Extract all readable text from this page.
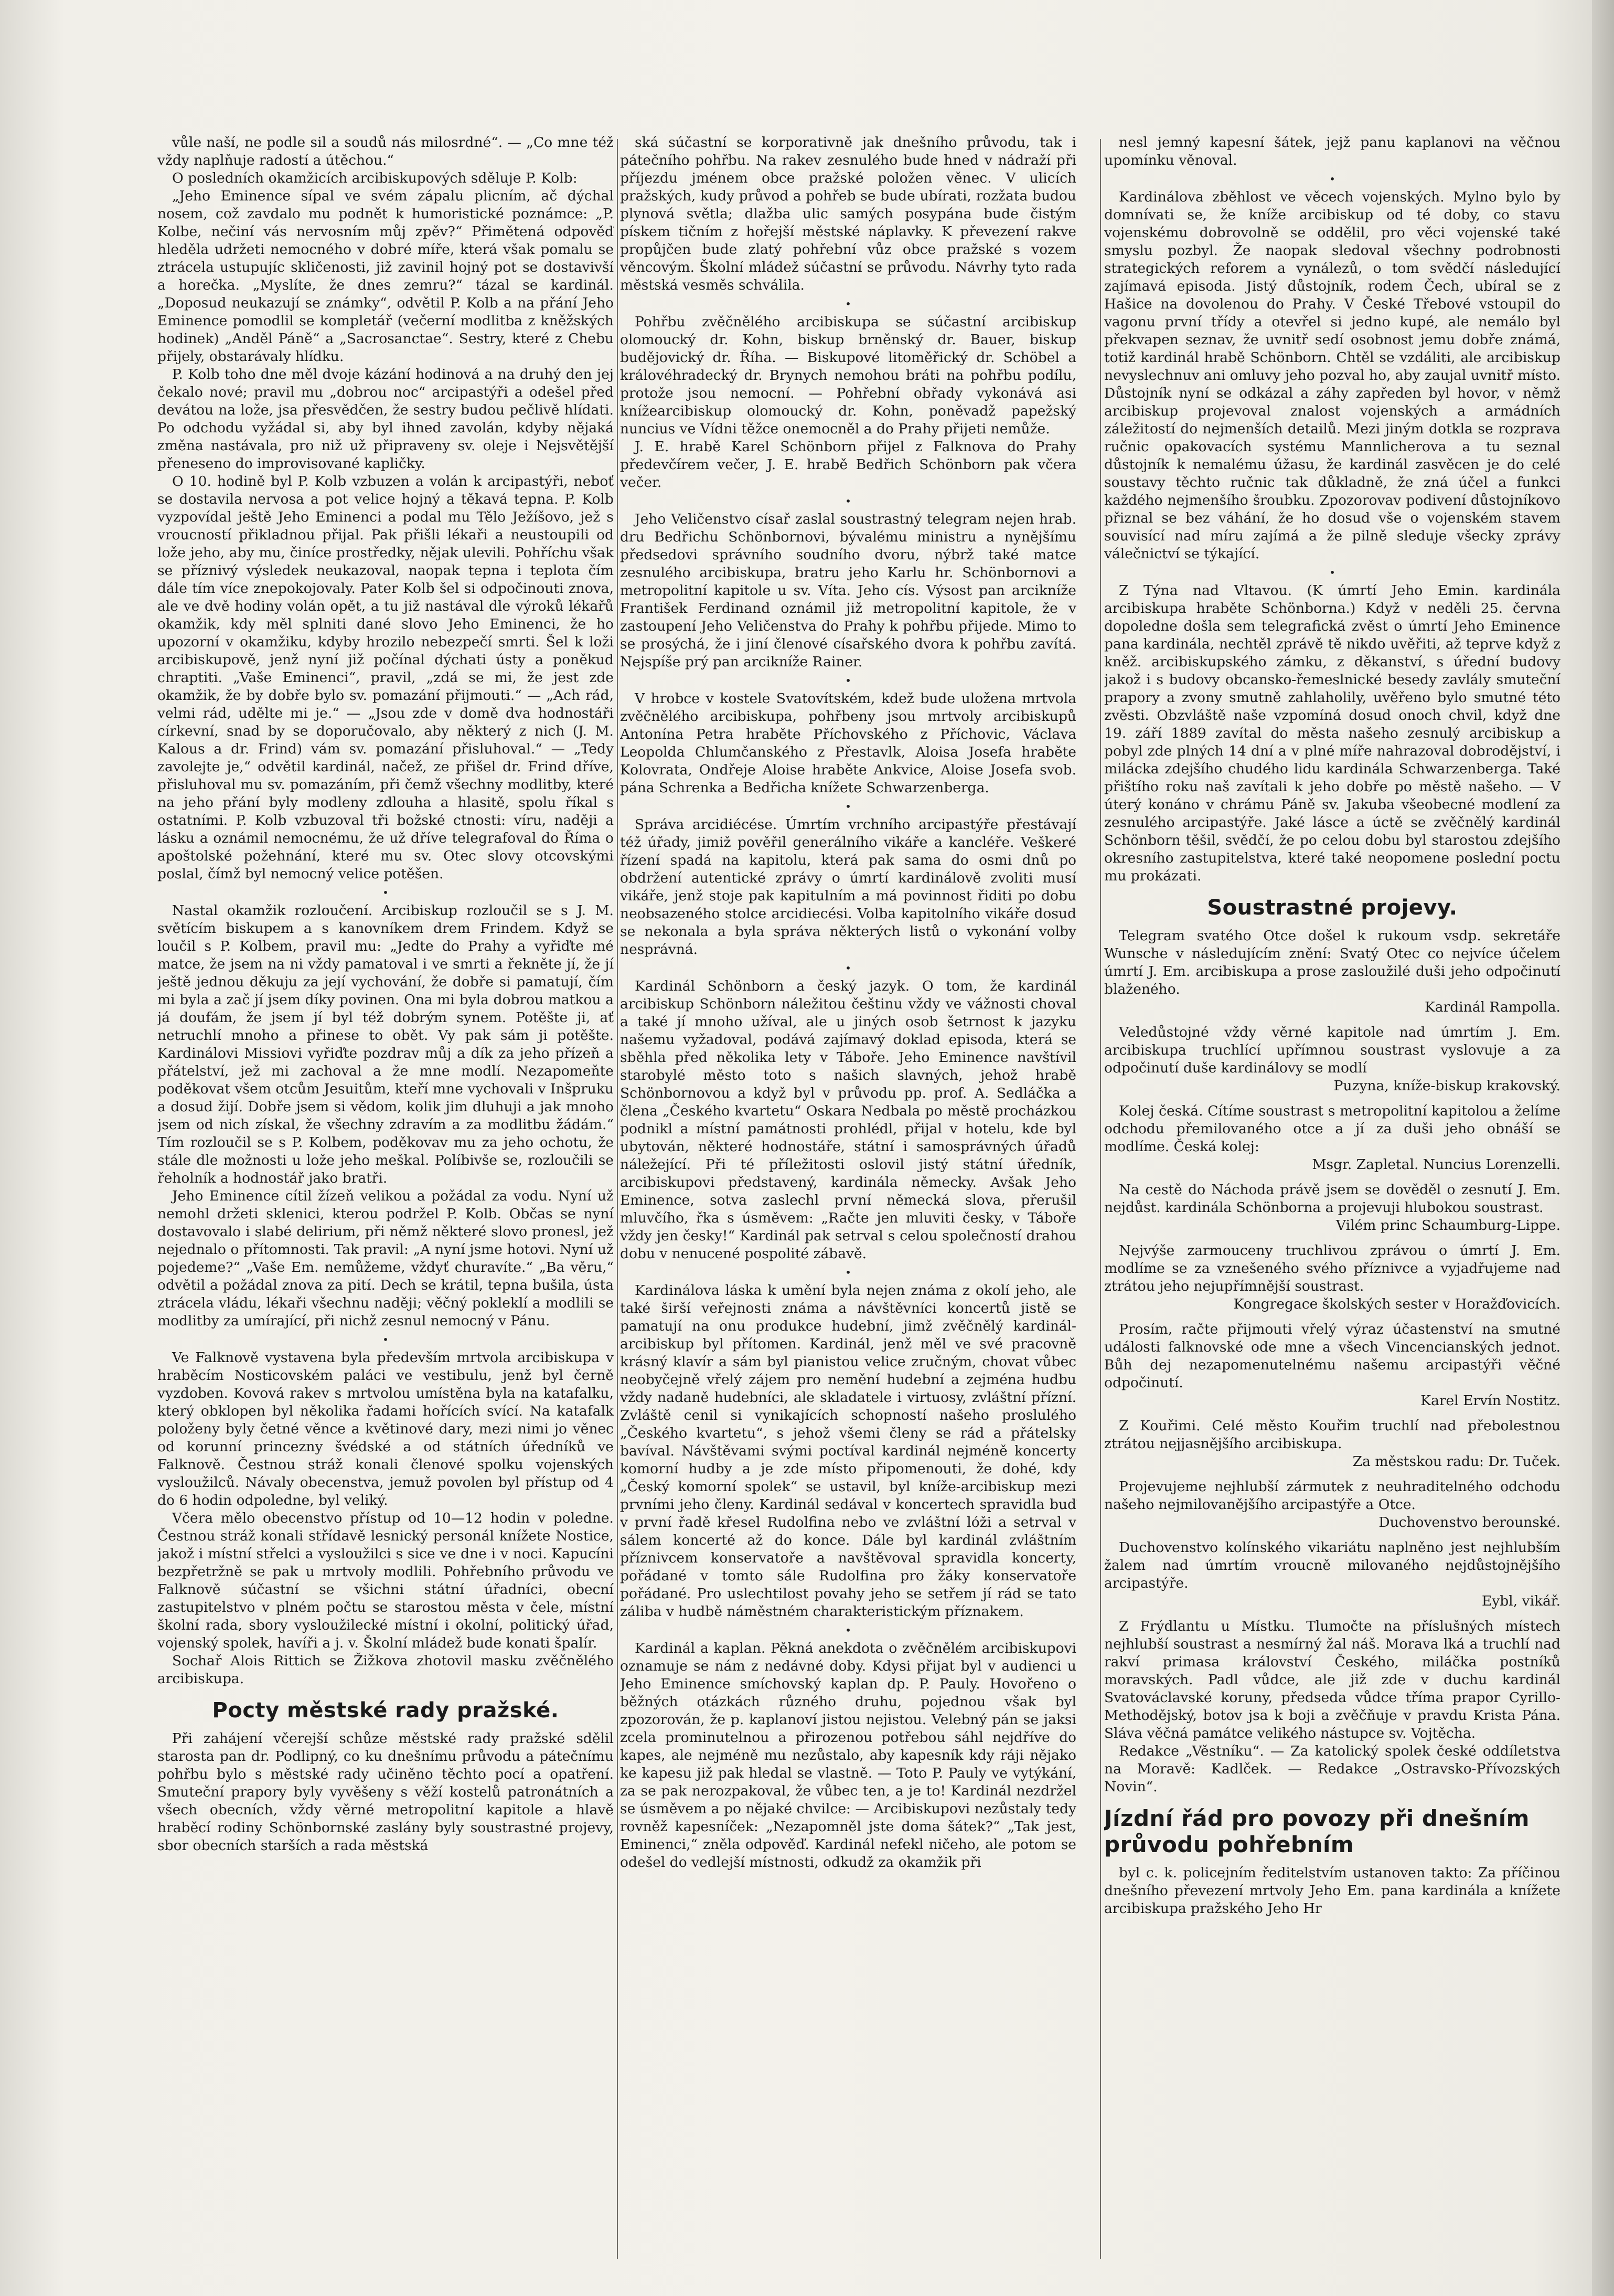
vůle naší, ne podle sil a soudů nás milosrdné“. — „Co mne též vždy naplňuje radostí a útěchou.“

O posledních okamžicích arcibiskupových sděluje P. Kolb:

„Jeho Eminence sípal ve svém zápalu plicním, ač dýchal nosem, což zavdalo mu podnět k humoristické poznámce: „P. Kolbe, nečiní vás nervosním můj zpěv?“ Přimětená odpověď hleděla udržeti nemocného v dobré míře, která však pomalu se ztrácela ustupujíc skličenosti, již zavinil hojný pot se dostavivší a horečka. „Myslíte, že dnes zemru?“ tázal se kardinál. „Doposud neukazují se známky“, odvětil P. Kolb a na přání Jeho Eminence pomodlil se kompletář (večerní modlitba z kněžských hodinek) „Anděl Páně“ a „Sacrosanctae“. Sestry, které z Chebu přijely, obstarávaly hlídku.

P. Kolb toho dne měl dvoje kázání hodinová a na druhý den jej čekalo nové; pravil mu „dobrou noc“ arcipastýři a odešel před devátou na lože, jsa přesvědčen, že sestry budou pečlivě hlídati. Po odchodu vyžádal si, aby byl ihned zavolán, kdyby nějaká změna nastávala, pro niž už připraveny sv. oleje i Nejsvětější přeneseno do improvisované kapličky.

O 10. hodině byl P. Kolb vzbuzen a volán k arcipastýři, neboť se dostavila nervosa a pot velice hojný a těkavá tepna. P. Kolb vyzpovídal ještě Jeho Eminenci a podal mu Tělo Ježíšovo, jež s vroucností přikladnou přijal. Pak přišli lékaři a neustoupili od lože jeho, aby mu, činíce prostředky, nějak ulevili. Pohříchu však se příznivý výsledek neukazoval, naopak tepna i teplota čím dále tím více znepokojovaly. Pater Kolb šel si odpočinouti znova, ale ve dvě hodiny volán opět, a tu již nastával dle výroků lékařů okamžik, kdy měl splniti dané slovo Jeho Eminenci, že ho upozorní v okamžiku, kdyby hrozilo nebezpečí smrti. Šel k loži arcibiskupově, jenž nyní již počínal dýchati ústy a poněkud chraptiti. „Vaše Eminenci“, pravil, „zdá se mi, že jest zde okamžik, že by dobře bylo sv. pomazání přijmouti.“ — „Ach rád, velmi rád, udělte mi je.“ — „Jsou zde v domě dva hodnostáři církevní, snad by se doporučovalo, aby některý z nich (J. M. Kalous a dr. Frind) vám sv. pomazání přisluhoval.“ — „Tedy zavolejte je,“ odvětil kardinál, načež, ze přišel dr. Frind dříve, přisluhoval mu sv. pomazáním, při čemž všechny modlitby, které na jeho přání byly modleny zdlouha a hlasitě, spolu říkal s ostatními. P. Kolb vzbuzoval tři božské ctnosti: víru, naději a lásku a oznámil nemocnému, že už dříve telegrafoval do Říma o apoštolské požehnání, které mu sv. Otec slovy otcovskými poslal, čímž byl nemocný velice potěšen.

•

Nastal okamžik rozloučení. Arcibiskup rozloučil se s J. M. světícím biskupem a s kanovníkem drem Frindem. Když se loučil s P. Kolbem, pravil mu: „Jedte do Prahy a vyřiďte mé matce, že jsem na ni vždy pamatoval i ve smrti a řekněte jí, že jí ještě jednou děkuju za její vychování, že dobře si pamatují, čím mi byla a zač jí jsem díky povinen. Ona mi byla dobrou matkou a já doufám, že jsem jí byl též dobrým synem. Potěšte ji, ať netruchlí mnoho a přinese to obět. Vy pak sám ji potěšte. Kardinálovi Missiovi vyřiďte pozdrav můj a dík za jeho přízeň a přátelství, jež mi zachoval a že mne modlí. Nezapomeňte poděkovat všem otcům Jesuitům, kteří mne vychovali v Inšpruku a dosud žijí. Dobře jsem si vědom, kolik jim dluhuji a jak mnoho jsem od nich získal, že všechny zdravím a za modlitbu žádám.“ Tím rozloučil se s P. Kolbem, poděkovav mu za jeho ochotu, že stále dle možnosti u lože jeho meškal. Políbivše se, rozloučili se řeholník a hodnostář jako bratři.

Jeho Eminence cítil žízeň velikou a požádal za vodu. Nyní už nemohl držeti sklenici, kterou podržel P. Kolb. Občas se nyní dostavovalo i slabé delirium, při němž některé slovo pronesl, jež nejednalo o přítomnosti. Tak pravil: „A nyní jsme hotovi. Nyní už pojedeme?“ „Vaše Em. nemůžeme, vždyť churavíte.“ „Ba věru,“ odvětil a požádal znova za pití. Dech se krátil, tepna bušila, ústa ztrácela vládu, lékaři všechnu naději; věčný pokleklí a modlili se modlitby za umírající, při nichž zesnul nemocný v Pánu.

•

Ve Falknově vystavena byla především mrtvola arcibiskupa v hraběcím Nosticovském paláci ve vestibulu, jenž byl černě vyzdoben. Kovová rakev s mrtvolou umístěna byla na katafalku, který obklopen byl několika řadami hořících svící. Na katafalk položeny byly četné věnce a květinové dary, mezi nimi jo věnec od korunní princezny švédské a od státních úředníků ve Falknově. Čestnou stráž konali členové spolku vojenských vysloužilců. Návaly obecenstva, jemuž povolen byl přístup od 4 do 6 hodin odpoledne, byl veliký.

Včera mělo obecenstvo přístup od 10—12 hodin v poledne. Čestnou stráž konali střídavě lesnický personál knížete Nostice, jakož i místní střelci a vysloužilci s sice ve dne i v noci. Kapucíni bezpřetržně se pak u mrtvoly modlili. Pohřebního průvodu ve Falknově súčastní se všichni státní úřadníci, obecní zastupitelstvo v plném počtu se starostou města v čele, místní školní rada, sbory vysloužilecké místní i okolní, politický úřad, vojenský spolek, havíři a j. v. Školní mládež bude konati špalír.

Sochař Alois Rittich se Žižkova zhotovil masku zvěčnělého arcibiskupa.

Pocty městské rady pražské.

Při zahájení včerejší schůze městské rady pražské sdělil starosta pan dr. Podlipný, co ku dnešnímu průvodu a pátečnímu pohřbu bylo s městské rady učiněno těchto pocí a opatření. Smuteční prapory byly vyvěšeny s věží kostelů patronátních a všech obecních, vždy věrné metropolitní kapitole a hlavě hraběcí rodiny Schönbornské zaslány byly soustrastné projevy, sbor obecních starších a rada městská

ská súčastní se korporativně jak dnešního průvodu, tak i pátečního pohřbu. Na rakev zesnulého bude hned v nádraží při příjezdu jménem obce pražské položen věnec. V ulicích pražských, kudy průvod a pohřeb se bude ubírati, rozžata budou plynová světla; dlažba ulic samých posypána bude čistým pískem tičním z hořejší městské náplavky. K převezení rakve propůjčen bude zlatý pohřební vůz obce pražské s vozem věncovým. Školní mládež súčastní se průvodu. Návrhy tyto rada městská vesměs schválila.

•

Pohřbu zvěčnělého arcibiskupa se súčastní arcibiskup olomoucký dr. Kohn, biskup brněnský dr. Bauer, biskup budějovický dr. Říha. — Biskupové litoměřický dr. Schöbel a královéhradecký dr. Brynych nemohou bráti na pohřbu podílu, protože jsou nemocní. — Pohřební obřady vykonává asi knížearcibiskup olomoucký dr. Kohn, poněvadž papežský nuncius ve Vídni těžce onemocněl a do Prahy přijeti nemůže.

J. E. hrabě Karel Schönborn přijel z Falknova do Prahy předevčírem večer, J. E. hrabě Bedřich Schönborn pak včera večer.

•

Jeho Veličenstvo císař zaslal soustrastný telegram nejen hrab. dru Bedřichu Schönbornovi, bývalému ministru a nynějšímu předsedovi správního soudního dvoru, nýbrž také matce zesnulého arcibiskupa, bratru jeho Karlu hr. Schönbornovi a metropolitní kapitole u sv. Víta. Jeho cís. Výsost pan arcikníže František Ferdinand oznámil již metropolitní kapitole, že v zastoupení Jeho Veličenstva do Prahy k pohřbu přijede. Mimo to se prosýchá, že i jiní členové císařského dvora k pohřbu zavítá. Nejspíše prý pan arcikníže Rainer.

•

V hrobce v kostele Svatovítském, kdež bude uložena mrtvola zvěčnělého arcibiskupa, pohřbeny jsou mrtvoly arcibiskupů Antonína Petra hraběte Příchovského z Příchovic, Václava Leopolda Chlumčanského z Přestavlk, Aloisa Josefa hraběte Kolovrata, Ondřeje Aloise hraběte Ankvice, Aloise Josefa svob. pána Schrenka a Bedřicha knížete Schwarzenberga.

•

Správa arcidiécése. Úmrtím vrchního arcipastýře přestávají též úřady, jimiž pověřil generálního vikáře a kancléře. Veškeré řízení spadá na kapitolu, která pak sama do osmi dnů po obdržení autentické zprávy o úmrtí kardinálově zvoliti musí vikáře, jenž stoje pak kapitulním a má povinnost řiditi po dobu neobsazeného stolce arcidiecési. Volba kapitolního vikáře dosud se nekonala a byla správa některých listů o vykonání volby nesprávná.

•

Kardinál Schönborn a český jazyk. O tom, že kardinál arcibiskup Schönborn náležitou češtinu vždy ve vážnosti choval a také jí mnoho užíval, ale u jiných osob šetrnost k jazyku našemu vyžadoval, podává zajímavý doklad episoda, která se sběhla před několika lety v Táboře. Jeho Eminence navštívil starobylé město toto s našich slavných, jehož hrabě Schönbornovou a když byl v průvodu pp. prof. A. Sedláčka a člena „Českého kvartetu“ Oskara Nedbala po městě procházkou podnikl a místní památnosti prohlédl, přijal v hotelu, kde byl ubytován, některé hodnostáře, státní i samosprávných úřadů náležející. Při té příležitosti oslovil jistý státní úředník, arcibiskupovi představený, kardinála německy. Avšak Jeho Eminence, sotva zaslechl první německá slova, přerušil mluvčího, řka s úsměvem: „Račte jen mluviti česky, v Táboře vždy jen česky!“ Kardinál pak setrval s celou společností drahou dobu v nenucené pospolité zábavě.

•

Kardinálova láska k umění byla nejen známa z okolí jeho, ale také širší veřejnosti známa a návštěvníci koncertů jistě se pamatují na onu produkce hudební, jimž zvěčnělý kardinál-arcibiskup byl přítomen. Kardinál, jenž měl ve své pracovně krásný klavír a sám byl pianistou velice zručným, chovat vůbec neobyčejně vřelý zájem pro nemění hudební a zejména hudbu vždy nadaně hudebníci, ale skladatele i virtuosy, zvláštní přízní. Zvláště cenil si vynikajících schopností našeho proslulého „Českého kvartetu“, s jehož všemi členy se rád a přátelsky bavíval. Návštěvami svými poctíval kardinál nejméně koncerty komorní hudby a je zde místo připomenouti, že dohé, kdy „Český komorní spolek“ se ustavil, byl kníže-arcibiskup mezi prvními jeho členy. Kardinál sedával v koncertech spravidla buď v první řadě křesel Rudolfina nebo ve zvláštní lóži a setrval v sálem koncerté až do konce. Dále byl kardinál zvláštním příznivcem konservatoře a navštěvoval spravidla koncerty, pořádané v tomto sále Rudolfina pro žáky konservatoře pořádané. Pro uslechtilost povahy jeho se setřem jí rád se tato záliba v hudbě náměstném charakteristickým příznakem.

•

Kardinál a kaplan. Pěkná anekdota o zvěčnělém arcibiskupovi oznamuje se nám z nedávné doby. Kdysi přijat byl v audienci u Jeho Eminence smíchovský kaplan dp. P. Pauly. Hovořeno o běžných otázkách různého druhu, pojednou však byl zpozorován, že p. kaplanoví jistou nejistou. Velebný pán se jaksi zcela prominutelnou a přirozenou potřebou sáhl nejdříve do kapes, ale nejméně mu nezůstalo, aby kapesník kdy ráji nějako ke kapesu již pak hledal se vlastně. — Toto P. Pauly ve vytýkání, za se pak nerozpakoval, že vůbec ten, a je to! Kardinál nezdržel se úsměvem a po nějaké chvilce: — Arcibiskupovi nezůstaly tedy rovněž kapesníček: „Nezapomněl jste doma šátek?“ „Tak jest, Eminenci,“ zněla odpověď. Kardinál nefekl ničeho, ale potom se odešel do vedlejší místnosti, odkudž za okamžik při

nesl jemný kapesní šátek, jejž panu kaplanovi na věčnou upomínku věnoval.

•

Kardinálova zběhlost ve věcech vojenských. Mylno bylo by domnívati se, že kníže arcibiskup od té doby, co stavu vojenskému dobrovolně se oddělil, pro věci vojenské také smyslu pozbyl. Že naopak sledoval všechny podrobnosti strategických reforem a vynálezů, o tom svědčí následující zajímavá episoda. Jistý důstojník, rodem Čech, ubíral se z Hašice na dovolenou do Prahy. V České Třebové vstoupil do vagonu první třídy a otevřel si jedno kupé, ale nemálo byl překvapen seznav, že uvnitř sedí osobnost jemu dobře známá, totiž kardinál hrabě Schönborn. Chtěl se vzdáliti, ale arcibiskup nevyslechnuv ani omluvy jeho pozval ho, aby zaujal uvnitř místo. Důstojník nyní se odkázal a záhy zapředen byl hovor, v němž arcibiskup projevoval znalost vojenských a armádních záležitostí do nejmenších detailů. Mezi jiným dotkla se rozprava ručnic opakovacích systému Mannlicherova a tu seznal důstojník k nemalému úžasu, že kardinál zasvěcen je do celé soustavy těchto ručnic tak důkladně, že zná účel a funkci každého nejmenšího šroubku. Zpozorovav podivení důstojníkovo přiznal se bez váhání, že ho dosud vše o vojenském stavem souvisící nad míru zajímá a že pilně sleduje všecky zprávy válečnictví se týkající.

•

Z Týna nad Vltavou. (K úmrtí Jeho Emin. kardinála arcibiskupa hraběte Schönborna.) Když v neděli 25. června dopoledne došla sem telegrafická zvěst o úmrtí Jeho Eminence pana kardinála, nechtěl zprávě tě nikdo uvěřiti, až teprve když z kněž. arcibiskupského zámku, z děkanství, s úřední budovy jakož i s budovy obcansko-řemeslnické besedy zavlály smuteční prapory a zvony smutně zahlaholily, uvěřeno bylo smutné této zvěsti. Obzvláště naše vzpomíná dosud onoch chvil, když dne 19. září 1889 zavítal do města našeho zesnulý arcibiskup a pobyl zde plných 14 dní a v plné míře nahrazoval dobrodějství, i milácka zdejšího chudého lidu kardinála Schwarzenberga. Také přištího roku naš zavítali k jeho dobře po městě našeho. — V úterý konáno v chrámu Páně sv. Jakuba všeobecné modlení za zesnulého arcipastýře. Jaké lásce a úctě se zvěčnělý kardinál Schönborn těšil, svědčí, že po celou dobu byl starostou zdejšího okresního zastupitelstva, které také neopomene poslední poctu mu prokázati.

Soustrastné projevy.

Telegram svatého Otce došel k rukoum vsdp. sekretáře Wunsche v následujícím znění: Svatý Otec co nejvíce účelem úmrtí J. Em. arcibiskupa a prose zasloužilé duši jeho odpočinutí blaženého.

Kardinál Rampolla.

Veledůstojné vždy věrné kapitole nad úmrtím J. Em. arcibiskupa truchlící upřímnou soustrast vyslovuje a za odpočinutí duše kardinálovy se modlí

Puzyna, kníže-biskup krakovský.

Kolej česká. Cítíme soustrast s metropolitní kapitolou a želíme odchodu přemilovaného otce a jí za duši jeho obnáší se modlíme. Česká kolej:

Msgr. Zapletal. Nuncius Lorenzelli.

Na cestě do Náchoda právě jsem se dověděl o zesnutí J. Em. nejdůst. kardinála Schönborna a projevuji hlubokou soustrast.

Vilém princ Schaumburg-Lippe.

Nejvýše zarmouceny truchlivou zprávou o úmrtí J. Em. modlíme se za vznešeného svého příznivce a vyjadřujeme nad ztrátou jeho nejupřímnější soustrast.

Kongregace školských sester v Horažďovicích.

Prosím, račte přijmouti vřelý výraz účastenství na smutné události falknovské ode mne a všech Vincencianských jednot. Bůh dej nezapomenutelnému našemu arcipastýři věčné odpočinutí.

Karel Ervín Nostitz.

Z Kouřimi. Celé město Kouřim truchlí nad přebolestnou ztrátou nejjasnějšího arcibiskupa.

Za městskou radu: Dr. Tuček.

Projevujeme nejhlubší zármutek z neuhraditelného odchodu našeho nejmilovanějšího arcipastýře a Otce.

Duchovenstvo berounské.

Duchovenstvo kolínského vikariátu naplněno jest nejhlubším žalem nad úmrtím vroucně milovaného nejdůstojnějšího arcipastýře.

Eybl, vikář.

Z Frýdlantu u Místku. Tlumočte na příslušných místech nejhlubší soustrast a nesmírný žal náš. Morava lká a truchlí nad rakví primasa království Českého, miláčka postníků moravských. Padl vůdce, ale již zde v duchu kardinál Svatováclavské koruny, předseda vůdce tříma prapor Cyrillo-Methodějský, botov jsa k boji a zvěčňuje v pravdu Krista Pána. Sláva věčná památce velikého nástupce sv. Vojtěcha.

Redakce „Věstníku“. — Za katolický spolek české oddíletstva na Moravě: Kadlček. — Redakce „Ostravsko-Přívozských Novin“.

Jízdní řád pro povozy při dnešním průvodu pohřebním

byl c. k. policejním ředitelstvím ustanoven takto: Za příčinou dnešního převezení mrtvoly Jeho Em. pana kardinála a knížete arcibiskupa pražského Jeho Hr
